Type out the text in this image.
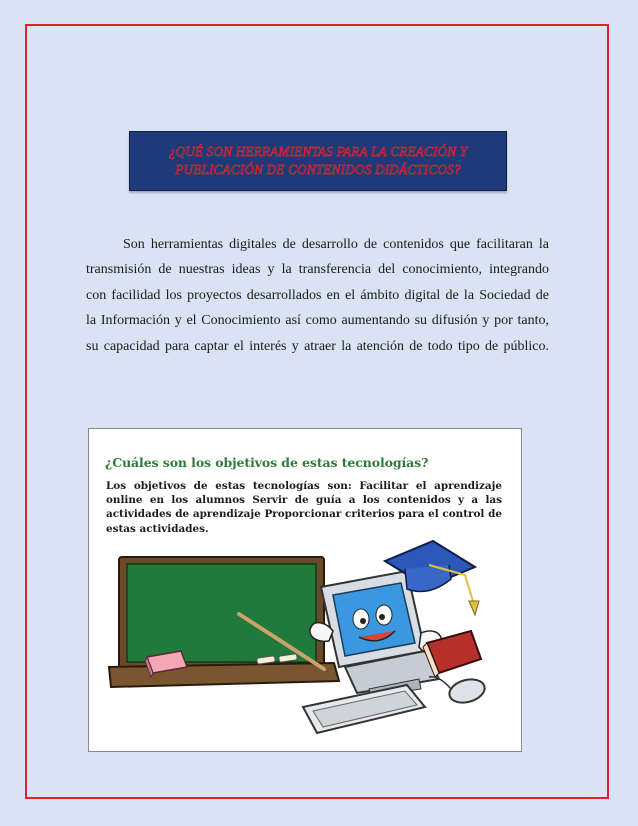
¿QUÉ SON HERRAMIENTAS PARA LA CREACIÓN Y
PUBLICACIÓN DE CONTENIDOS DIDÁCTICOS?

Son herramientas digitales de desarrollo de contenidos que facilitaran la
transmisión de nuestras ideas y la transferencia del conocimiento, integrando
con facilidad los proyectos desarrollados en el ámbito digital de la Sociedad de
la Información y el Conocimiento así como aumentando su difusión y por tanto,
su capacidad para captar el interés y atraer la atención de todo tipo de público.

¿Cuáles son los objetivos de estas tecnologías?

Los objetivos de estas tecnologías son: Facilitar el aprendizaje online en los alumnos Servir de guía a los contenidos y a las actividades de aprendizaje Proporcionar criterios para el control de estas actividades.
